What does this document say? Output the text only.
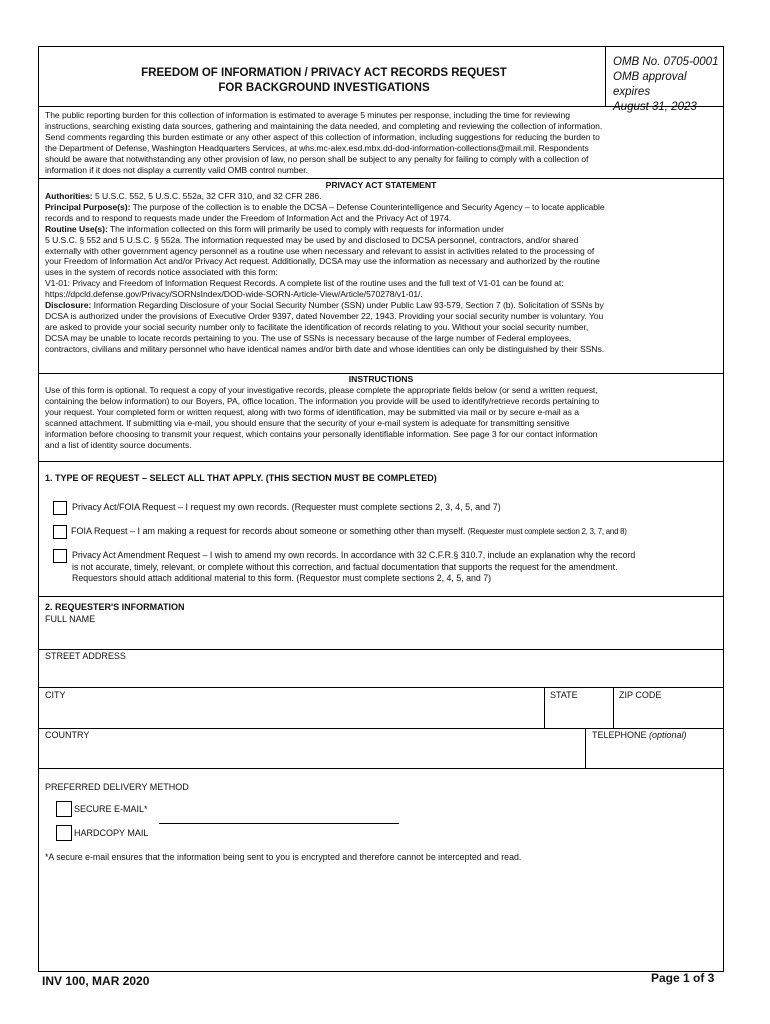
FREEDOM OF INFORMATION / PRIVACY ACT RECORDS REQUEST
FOR BACKGROUND INVESTIGATIONS
OMB No. 0705-0001
OMB approval expires
August 31, 2023
The public reporting burden for this collection of information is estimated to average 5 minutes per response, including the time for reviewing
instructions, searching existing data sources, gathering and maintaining the data needed, and completing and reviewing the collection of information.
Send comments regarding this burden estimate or any other aspect of this collection of information, including suggestions for reducing the burden to
the Department of Defense, Washington Headquarters Services, at whs.mc-alex.esd.mbx.dd-dod-information-collections@mail.mil. Respondents
should be aware that notwithstanding any other provision of law, no person shall be subject to any penalty for failing to comply with a collection of
information if it does not display a currently valid OMB control number.
PRIVACY ACT STATEMENT
Authorities: 5 U.S.C. 552, 5 U.S.C. 552a, 32 CFR 310, and 32 CFR 286.
Principal Purpose(s): The purpose of the collection is to enable the DCSA – Defense Counterintelligence and Security Agency – to locate applicable
records and to respond to requests made under the Freedom of Information Act and the Privacy Act of 1974.
Routine Use(s): The information collected on this form will primarily be used to comply with requests for information under
5 U.S.C. § 552 and 5 U.S.C. § 552a. The information requested may be used by and disclosed to DCSA personnel, contractors, and/or shared
externally with other government agency personnel as a routine use when necessary and relevant to assist in activities related to the processing of
your Freedom of Information Act and/or Privacy Act request. Additionally, DCSA may use the information as necessary and authorized by the routine
uses in the system of records notice associated with this form:
V1-01: Privacy and Freedom of Information Request Records. A complete list of the routine uses and the full text of V1-01 can be found at:
https://dpcld.defense.gov/Privacy/SORNsIndex/DOD-wide-SORN-Article-View/Article/570278/v1-01/.
Disclosure: Information Regarding Disclosure of your Social Security Number (SSN) under Public Law 93-579, Section 7 (b). Solicitation of SSNs by
DCSA is authorized under the provisions of Executive Order 9397, dated November 22, 1943. Providing your social security number is voluntary. You
are asked to provide your social security number only to facilitate the identification of records relating to you. Without your social security number,
DCSA may be unable to locate records pertaining to you. The use of SSNs is necessary because of the large number of Federal employees,
contractors, civilians and military personnel who have identical names and/or birth date and whose identities can only be distinguished by their SSNs.
INSTRUCTIONS
Use of this form is optional. To request a copy of your investigative records, please complete the appropriate fields below (or send a written request,
containing the below information) to our Boyers, PA, office location. The information you provide will be used to identify/retrieve records pertaining to
your request. Your completed form or written request, along with two forms of identification, may be submitted via mail or by secure e-mail as a
scanned attachment. If submitting via e-mail, you should ensure that the security of your e-mail system is adequate for transmitting sensitive
information before choosing to transmit your request, which contains your personally identifiable information. See page 3 for our contact information
and a list of identity source documents.
1. TYPE OF REQUEST – SELECT ALL THAT APPLY. (THIS SECTION MUST BE COMPLETED)
Privacy Act/FOIA Request – I request my own records. (Requester must complete sections 2, 3, 4, 5, and 7)
FOIA Request – I am making a request for records about someone or something other than myself. (Requester must complete section 2, 3, 7, and 8)
Privacy Act Amendment Request – I wish to amend my own records. In accordance with 32 C.F.R.§ 310.7, include an explanation why the record
is not accurate, timely, relevant, or complete without this correction, and factual documentation that supports the request for the amendment.
Requestors should attach additional material to this form. (Requestor must complete sections 2, 4, 5, and 7)
2. REQUESTER'S INFORMATION
FULL NAME
STREET ADDRESS
CITY	STATE	ZIP CODE
COUNTRY	TELEPHONE (optional)
PREFERRED DELIVERY METHOD
SECURE E-MAIL*
HARDCOPY MAIL
*A secure e-mail ensures that the information being sent to you is encrypted and therefore cannot be intercepted and read.
INV 100, MAR 2020	Page 1 of 3
